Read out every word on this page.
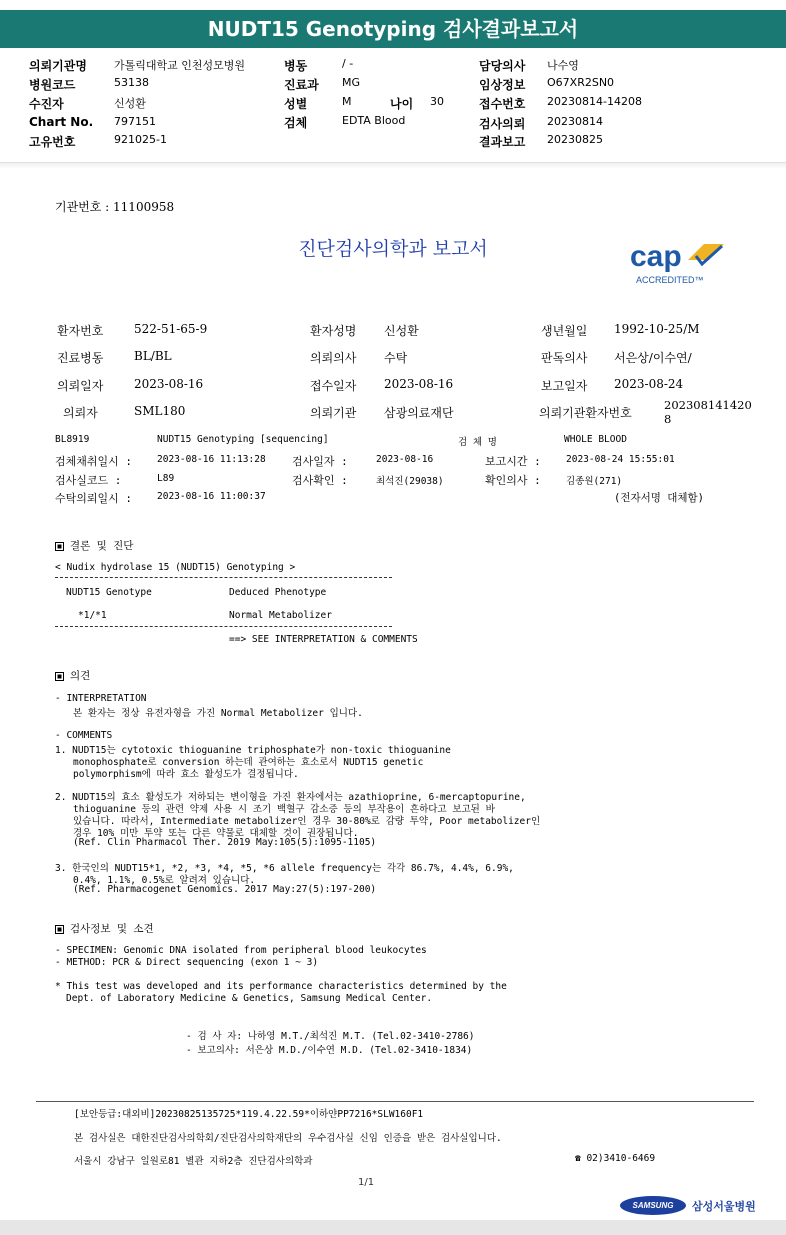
NUDT15 Genotyping 검사결과보고서
의뢰기관명 가톨릭대학교 인천성모병원
병원코드	53138
수진자	신성환
Chart No. 797151
고유번호	921025-1
병동	/ -
진료과 MG
성별	M	나이 30
검체	EDTA Blood
담당의사 나수영
임상정보 O67XR2SN0
접수번호 20230814-14208
검사의뢰 20230814
결과보고 20230825
기관번호 : 11100958
진단검사의학과 보고서	cap
ACCREDITED™
환자번호	522-51-65-9	환자성명 신성환	생년월일 1992-10-25/M
진료병동	BL/BL	의뢰의사 수탁	판독의사 서은상/이수연/
의뢰일자	2023-08-16	접수일자 2023-08-16	보고일자 2023-08-24
의뢰자	SML180	의뢰기관 삼광의료재단	의뢰기관환자번호
202308141420
8
BL8919	NUDT15 Genotyping [sequencing]	검 체 명	WHOLE BLOOD
검체채취일시 :	2023-08-16 11:13:28 검사일자 :	2023-08-16	보고시간 :	2023-08-24 15:55:01
검사실코드 :	L89	검사확인 :	최석진(29038)	확인의사 :	김종원(271)
수탁의뢰일시 :	2023-08-16 11:00:37	(전자서명 대체함)
결론 및 진단
< Nudix hydrolase 15 (NUDT15) Genotyping >
NUDT15 Genotype	Deduced Phenotype
*1/*1	Normal Metabolizer
==> SEE INTERPRETATION & COMMENTS
의견
- INTERPRETATION
본 환자는 정상 유전자형을 가진 Normal Metabolizer 입니다.
- COMMENTS
1. NUDT15는 cytotoxic thioguanine triphosphate가 non-toxic thioguanine
monophosphate로 conversion 하는데 관여하는 효소로서 NUDT15 genetic
polymorphism에 따라 효소 활성도가 결정됩니다.
2. NUDT15의 효소 활성도가 저하되는 변이형을 가진 환자에서는 azathioprine, 6-mercaptopurine,
thioguanine 등의 관련 약제 사용 시 조기 백혈구 감소증 등의 부작용이 흔하다고 보고된 바
있습니다. 따라서, Intermediate metabolizer인 경우 30-80%로 감량 투약, Poor metabolizer인
경우 10% 미만 투약 또는 다른 약물로 대체할 것이 권장됩니다.
(Ref. Clin Pharmacol Ther. 2019 May:105(5):1095-1105)
3. 한국인의 NUDT15*1, *2, *3, *4, *5, *6 allele frequency는 각각 86.7%, 4.4%, 6.9%,
0.4%, 1.1%, 0.5%로 알려져 있습니다.
(Ref. Pharmacogenet Genomics. 2017 May:27(5):197-200)
검사정보 및 소견
- SPECIMEN: Genomic DNA isolated from peripheral blood leukocytes
- METHOD: PCR & Direct sequencing (exon 1 ~ 3)
* This test was developed and its performance characteristics determined by the
Dept. of Laboratory Medicine & Genetics, Samsung Medical Center.
- 검 사 자: 나하영 M.T./최석진 M.T. (Tel.02-3410-2786)
- 보고의사: 서은상 M.D./이수연 M.D. (Tel.02-3410-1834)
[보안등급:대외비]20230825135725*119.4.22.59*이하얀PP7216*SLW160F1
본 검사실은 대한진단검사의학회/진단검사의학재단의 우수검사실 신임 인증을 받은 검사실입니다.
서울시 강남구 일원로81 별관 지하2층 진단검사의학과	☎ 02)3410-6469
1/1
SAMSUNG	삼성서울병원
